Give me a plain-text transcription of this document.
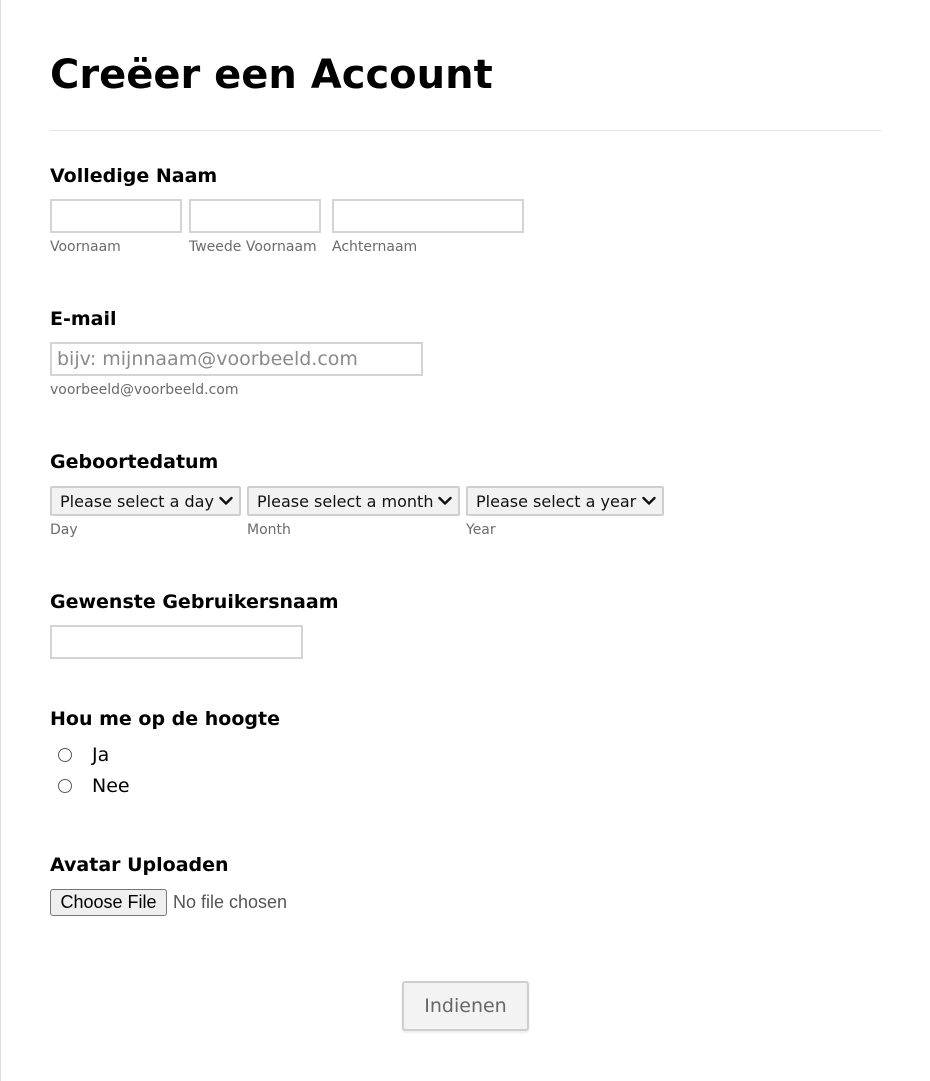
Creëer een Account
Volledige Naam
Voornaam	Tweede Voornaam Achternaam
E-mail
bijv: mijnnaam@voorbeeld.com
voorbeeld@voorbeeld.com
Geboortedatum
Please select a day
Day
Please select a month
Month
Please select a year
Year
Gewenste Gebruikersnaam
Hou me op de hoogte
Ja
Nee
Avatar Uploaden
Choose File No file chosen
Indienen
